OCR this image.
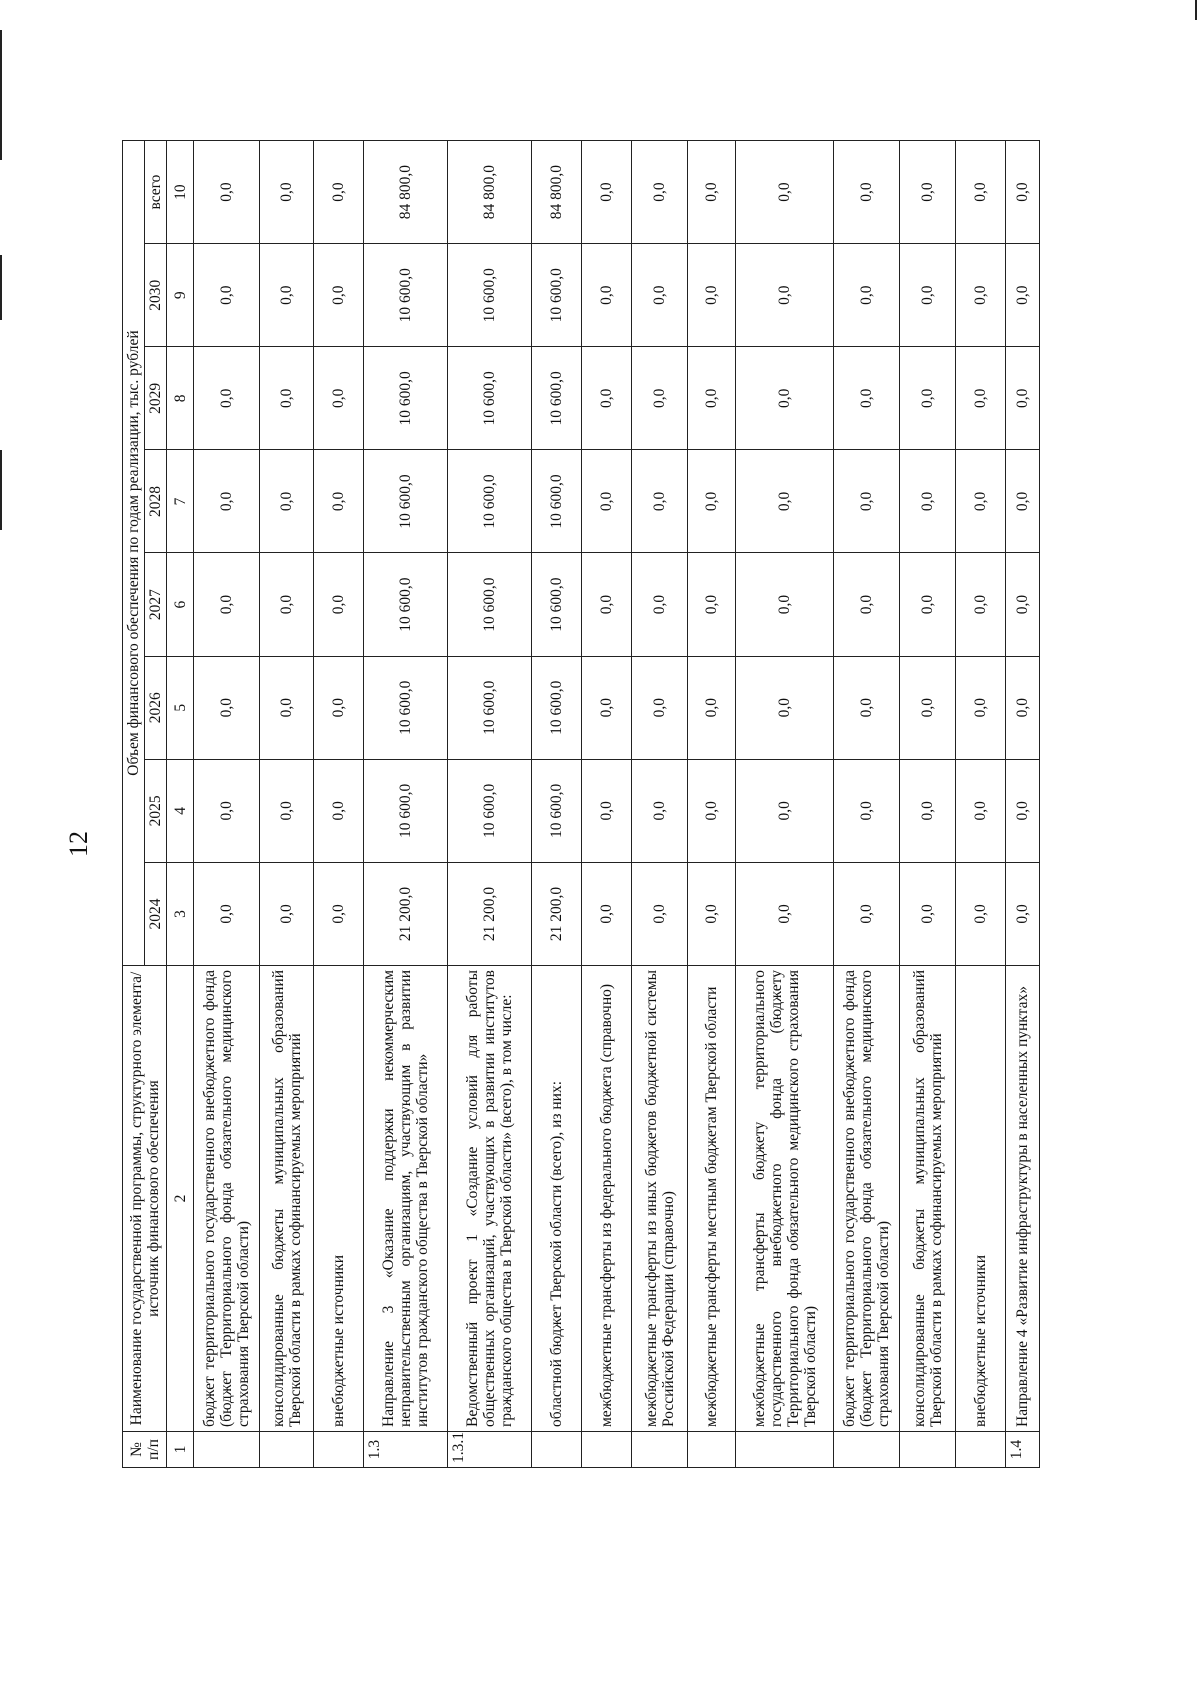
12
№ п/п	Наименование государственной программы, структурного элемента/источник финансового обеспечения	Объем финансового обеспечения по годам реализации, тыс. рублей							
		2024	2025	2026	2027	2028	2029	2030	всего
1	2	3	4	5	6	7	8	9	10
	бюджет территориального государственного внебюджетного фонда (бюджет Территориального фонда обязательного медицинского страхования Тверской области)	0,0	0,0	0,0	0,0	0,0	0,0	0,0	0,0
	консолидированные бюджеты муниципальных образований Тверской области в рамках софинансируемых мероприятий	0,0	0,0	0,0	0,0	0,0	0,0	0,0	0,0
	внебюджетные источники	0,0	0,0	0,0	0,0	0,0	0,0	0,0	0,0
1.3	Направление 3 «Оказание поддержки некоммерческим неправительственным организациям, участвующим в развитии институтов гражданского общества в Тверской области»	21 200,0	10 600,0	10 600,0	10 600,0	10 600,0	10 600,0	10 600,0	84 800,0
1.3.1	Ведомственный проект 1 «Создание условий для работы общественных организаций, участвующих в развитии институтов гражданского общества в Тверской области» (всего), в том числе:	21 200,0	10 600,0	10 600,0	10 600,0	10 600,0	10 600,0	10 600,0	84 800,0
	областной бюджет Тверской области (всего), из них:	21 200,0	10 600,0	10 600,0	10 600,0	10 600,0	10 600,0	10 600,0	84 800,0
	межбюджетные трансферты из федерального бюджета (справочно)	0,0	0,0	0,0	0,0	0,0	0,0	0,0	0,0
	межбюджетные трансферты из иных бюджетов бюджетной системы Российской Федерации (справочно)	0,0	0,0	0,0	0,0	0,0	0,0	0,0	0,0
	межбюджетные трансферты местным бюджетам Тверской области	0,0	0,0	0,0	0,0	0,0	0,0	0,0	0,0
	межбюджетные трансферты бюджету территориального государственного внебюджетного фонда (бюджету Территориального фонда обязательного медицинского страхования Тверской области)	0,0	0,0	0,0	0,0	0,0	0,0	0,0	0,0
	бюджет территориального государственного внебюджетного фонда (бюджет Территориального фонда обязательного медицинского страхования Тверской области)	0,0	0,0	0,0	0,0	0,0	0,0	0,0	0,0
	консолидированные бюджеты муниципальных образований Тверской области в рамках софинансируемых мероприятий	0,0	0,0	0,0	0,0	0,0	0,0	0,0	0,0
	внебюджетные источники	0,0	0,0	0,0	0,0	0,0	0,0	0,0	0,0
1.4	Направление 4 «Развитие инфраструктуры в населенных пунктах»	0,0	0,0	0,0	0,0	0,0	0,0	0,0	0,0
